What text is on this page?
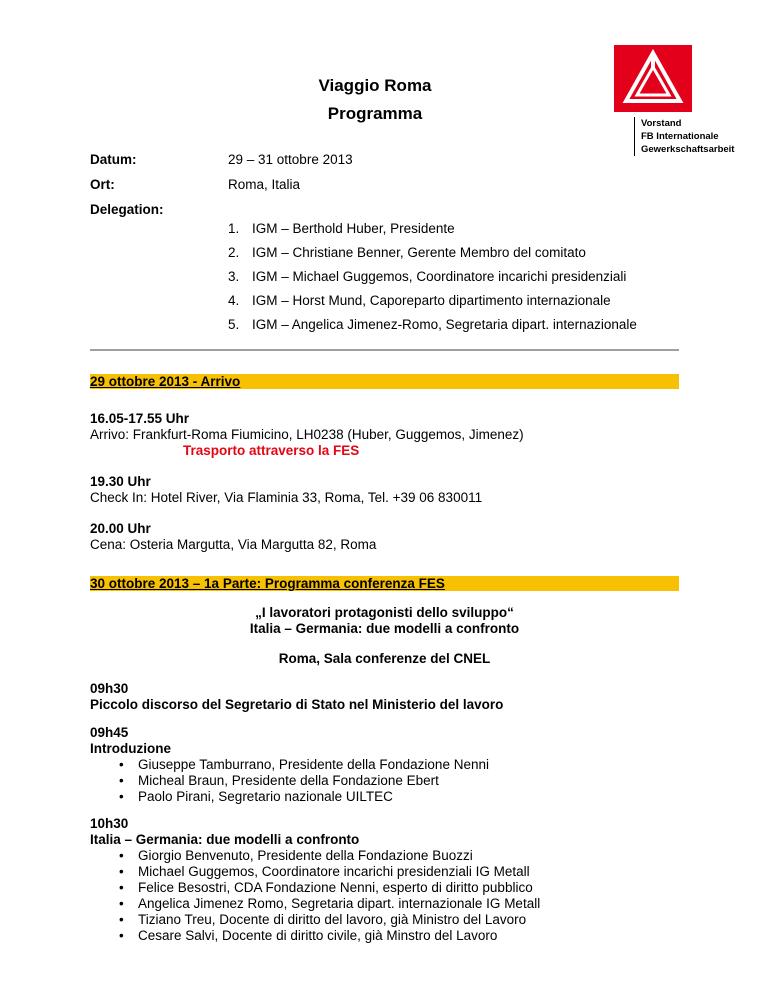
Viaggio Roma
Programma
Vorstand
FB Internationale
Gewerkschaftsarbeit
Datum:	29 – 31 ottobre 2013
Ort:	Roma, Italia
Delegation:
1. IGM – Berthold Huber, Presidente
2. IGM – Christiane Benner, Gerente Membro del comitato
3. IGM – Michael Guggemos, Coordinatore incarichi presidenziali
4. IGM – Horst Mund, Caporeparto dipartimento internazionale
5. IGM – Angelica Jimenez-Romo, Segretaria dipart. internazionale
29 ottobre 2013 - Arrivo
16.05-17.55 Uhr
Arrivo: Frankfurt-Roma Fiumicino, LH0238 (Huber, Guggemos, Jimenez)
Trasporto attraverso la FES
19.30 Uhr
Check In: Hotel River, Via Flaminia 33, Roma, Tel. +39 06 830011
20.00 Uhr
Cena: Osteria Margutta, Via Margutta 82, Roma
30 ottobre 2013 – 1a Parte: Programma conferenza FES
„I lavoratori protagonisti dello sviluppo“
Italia – Germania: due modelli a confronto
Roma, Sala conferenze del CNEL
09h30
Piccolo discorso del Segretario di Stato nel Ministerio del lavoro
09h45
Introduzione
• Giuseppe Tamburrano, Presidente della Fondazione Nenni
• Micheal Braun, Presidente della Fondazione Ebert
• Paolo Pirani, Segretario nazionale UILTEC
10h30
Italia – Germania: due modelli a confronto
• Giorgio Benvenuto, Presidente della Fondazione Buozzi
• Michael Guggemos, Coordinatore incarichi presidenziali IG Metall
• Felice Besostri, CDA Fondazione Nenni, esperto di diritto pubblico
• Angelica Jimenez Romo, Segretaria dipart. internazionale IG Metall
• Tiziano Treu, Docente di diritto del lavoro, già Ministro del Lavoro
• Cesare Salvi, Docente di diritto civile, già Minstro del Lavoro
